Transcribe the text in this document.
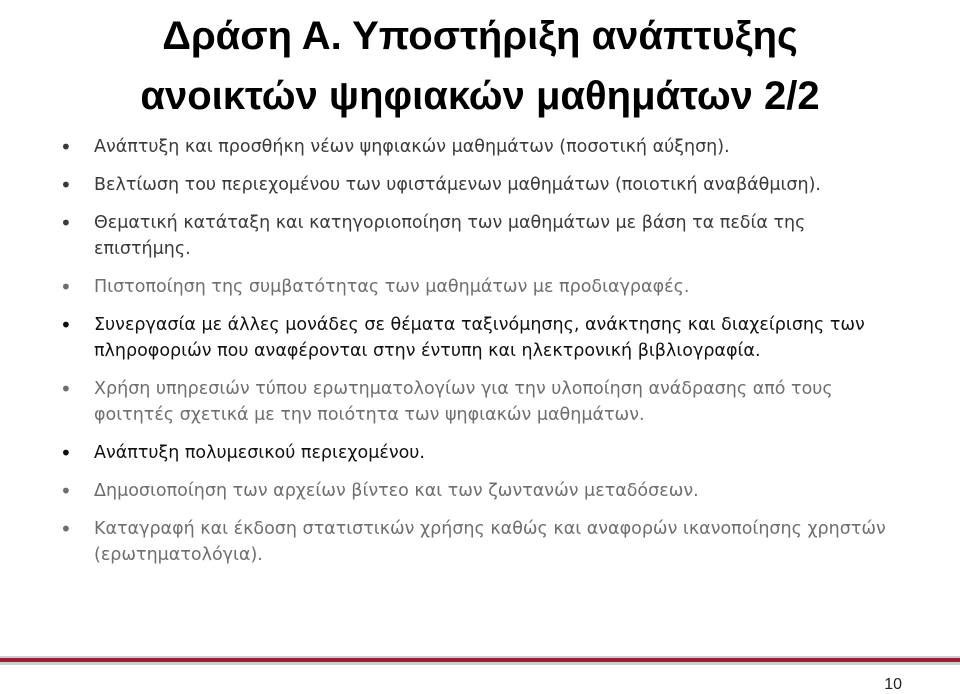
Δράση Α. Υποστήριξη ανάπτυξης
ανοικτών ψηφιακών μαθημάτων 2/2
• Ανάπτυξη και προσθήκη νέων ψηφιακών μαθημάτων (ποσοτική αύξηση).
• Βελτίωση του περιεχομένου των υφιστάμενων μαθημάτων (ποιοτική αναβάθμιση).
• Θεματική κατάταξη και κατηγοριοποίηση των μαθημάτων με βάση τα πεδία της επιστήμης.
• Πιστοποίηση της συμβατότητας των μαθημάτων με προδιαγραφές.
• Συνεργασία με άλλες μονάδες σε θέματα ταξινόμησης, ανάκτησης και διαχείρισης των πληροφοριών που αναφέρονται στην έντυπη και ηλεκτρονική βιβλιογραφία.
• Χρήση υπηρεσιών τύπου ερωτηματολογίων για την υλοποίηση ανάδρασης από τους φοιτητές σχετικά με την ποιότητα των ψηφιακών μαθημάτων.
• Ανάπτυξη πολυμεσικού περιεχομένου.
• Δημοσιοποίηση των αρχείων βίντεο και των ζωντανών μεταδόσεων.
• Καταγραφή και έκδοση στατιστικών χρήσης καθώς και αναφορών ικανοποίησης χρηστών (ερωτηματολόγια).
10
